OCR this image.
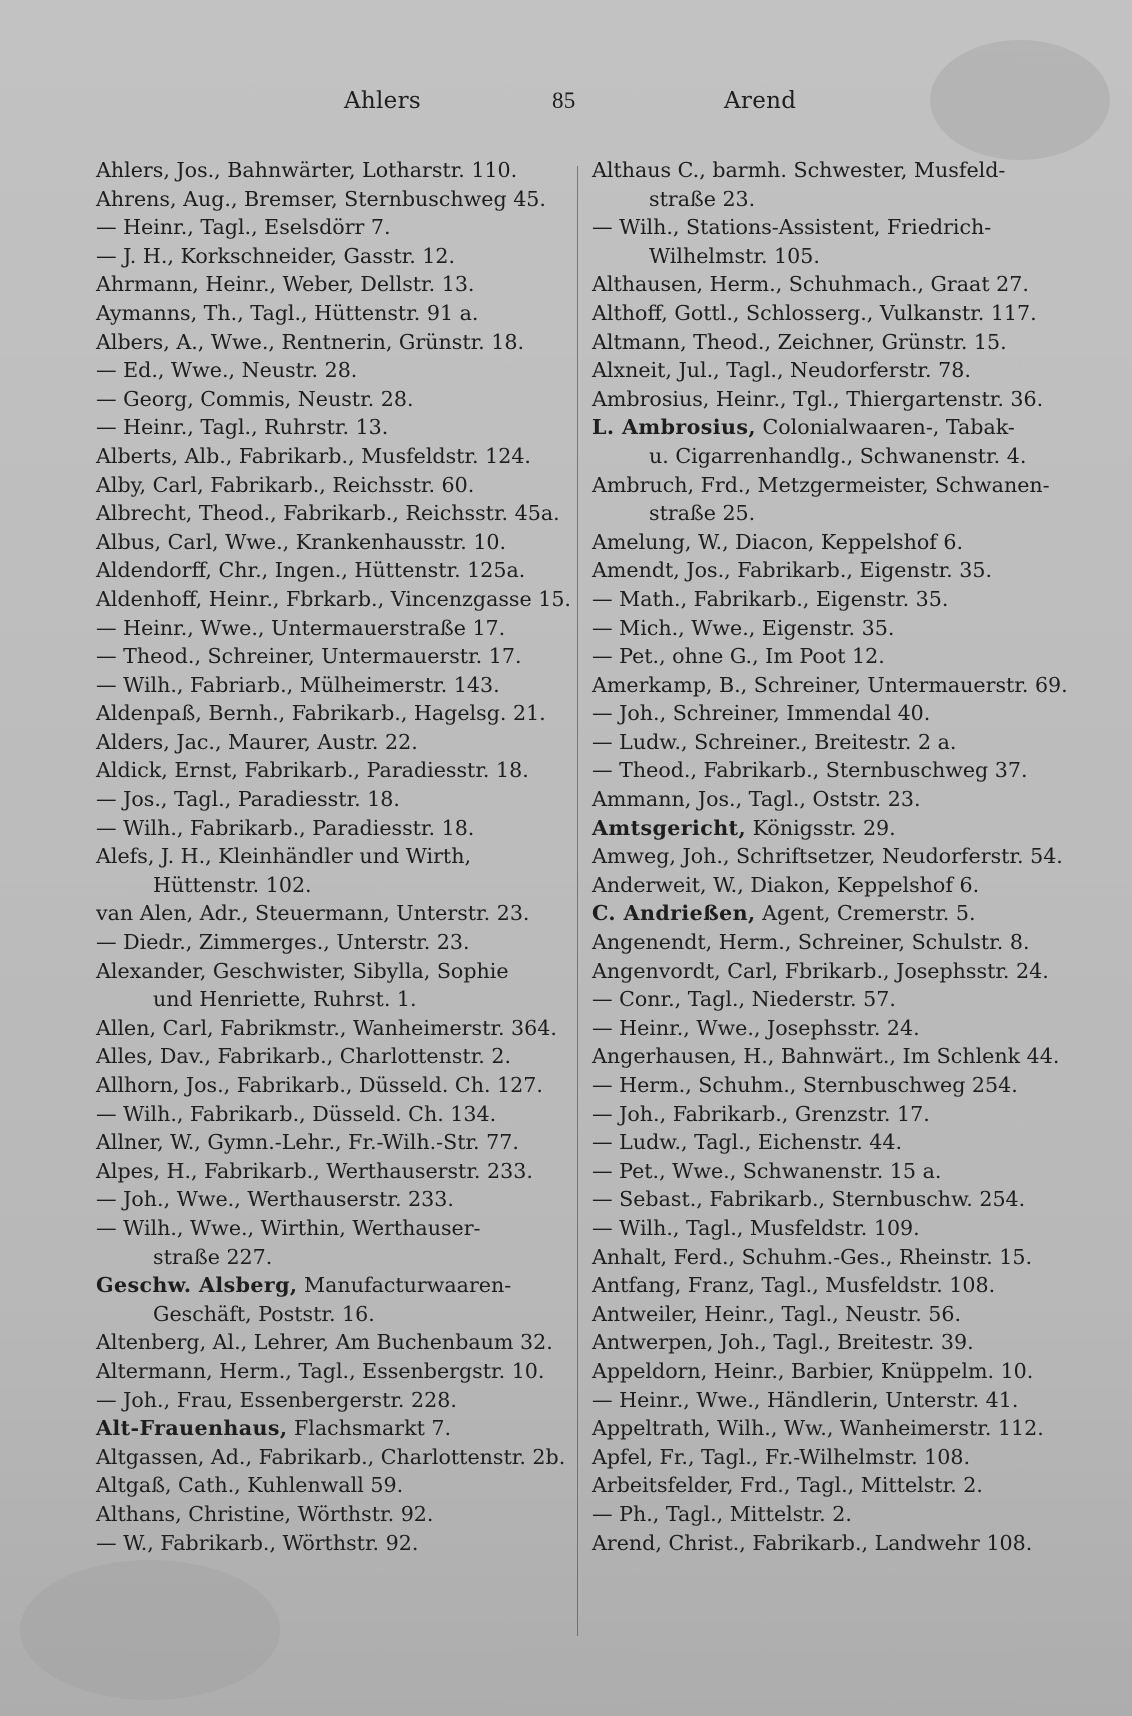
Ahlers	85	Arend
Ahlers, Jos., Bahnwärter, Lotharstr. 110.
Ahrens, Aug., Bremser, Sternbuschweg 45.
— Heinr., Tagl., Eselsdörr 7.
— J. H., Korkschneider, Gasstr. 12.
Ahrmann, Heinr., Weber, Dellstr. 13.
Aymanns, Th., Tagl., Hüttenstr. 91 a.
Albers, A., Wwe., Rentnerin, Grünstr. 18.
— Ed., Wwe., Neustr. 28.
— Georg, Commis, Neustr. 28.
— Heinr., Tagl., Ruhrstr. 13.
Alberts, Alb., Fabrikarb., Musfeldstr. 124.
Alby, Carl, Fabrikarb., Reichsstr. 60.
Albrecht, Theod., Fabrikarb., Reichsstr. 45a.
Albus, Carl, Wwe., Krankenhausstr. 10.
Aldendorff, Chr., Ingen., Hüttenstr. 125a.
Aldenhoff, Heinr., Fbrkarb., Vincenzgasse 15.
— Heinr., Wwe., Untermauerstraße 17.
— Theod., Schreiner, Untermauerstr. 17.
— Wilh., Fabriarb., Mülheimerstr. 143.
Aldenpaß, Bernh., Fabrikarb., Hagelsg. 21.
Alders, Jac., Maurer, Austr. 22.
Aldick, Ernst, Fabrikarb., Paradiesstr. 18.
— Jos., Tagl., Paradiesstr. 18.
— Wilh., Fabrikarb., Paradiesstr. 18.
Alefs, J. H., Kleinhändler und Wirth,
Hüttenstr. 102.
van Alen, Adr., Steuermann, Unterstr. 23.
— Diedr., Zimmerges., Unterstr. 23.
Alexander, Geschwister, Sibylla, Sophie
und Henriette, Ruhrst. 1.
Allen, Carl, Fabrikmstr., Wanheimerstr. 364.
Alles, Dav., Fabrikarb., Charlottenstr. 2.
Allhorn, Jos., Fabrikarb., Düsseld. Ch. 127.
— Wilh., Fabrikarb., Düsseld. Ch. 134.
Allner, W., Gymn.-Lehr., Fr.-Wilh.-Str. 77.
Alpes, H., Fabrikarb., Werthauserstr. 233.
— Joh., Wwe., Werthauserstr. 233.
— Wilh., Wwe., Wirthin, Werthauser-
straße 227.
Geschw. Alsberg, Manufacturwaaren-
Geschäft, Poststr. 16.
Altenberg, Al., Lehrer, Am Buchenbaum 32.
Altermann, Herm., Tagl., Essenbergstr. 10.
— Joh., Frau, Essenbergerstr. 228.
Alt-Frauenhaus, Flachsmarkt 7.
Altgassen, Ad., Fabrikarb., Charlottenstr. 2b.
Altgaß, Cath., Kuhlenwall 59.
Althans, Christine, Wörthstr. 92.
— W., Fabrikarb., Wörthstr. 92.
Althaus C., barmh. Schwester, Musfeld-
straße 23.
— Wilh., Stations-Assistent, Friedrich-
Wilhelmstr. 105.
Althausen, Herm., Schuhmach., Graat 27.
Althoff, Gottl., Schlosserg., Vulkanstr. 117.
Altmann, Theod., Zeichner, Grünstr. 15.
Alxneit, Jul., Tagl., Neudorferstr. 78.
Ambrosius, Heinr., Tgl., Thiergartenstr. 36.
L. Ambrosius, Colonialwaaren-, Tabak-
u. Cigarrenhandlg., Schwanenstr. 4.
Ambruch, Frd., Metzgermeister, Schwanen-
straße 25.
Amelung, W., Diacon, Keppelshof 6.
Amendt, Jos., Fabrikarb., Eigenstr. 35.
— Math., Fabrikarb., Eigenstr. 35.
— Mich., Wwe., Eigenstr. 35.
— Pet., ohne G., Im Poot 12.
Amerkamp, B., Schreiner, Untermauerstr. 69.
— Joh., Schreiner, Immendal 40.
— Ludw., Schreiner., Breitestr. 2 a.
— Theod., Fabrikarb., Sternbuschweg 37.
Ammann, Jos., Tagl., Oststr. 23.
Amtsgericht, Königsstr. 29.
Amweg, Joh., Schriftsetzer, Neudorferstr. 54.
Anderweit, W., Diakon, Keppelshof 6.
C. Andrießen, Agent, Cremerstr. 5.
Angenendt, Herm., Schreiner, Schulstr. 8.
Angenvordt, Carl, Fbrikarb., Josephsstr. 24.
— Conr., Tagl., Niederstr. 57.
— Heinr., Wwe., Josephsstr. 24.
Angerhausen, H., Bahnwärt., Im Schlenk 44.
— Herm., Schuhm., Sternbuschweg 254.
— Joh., Fabrikarb., Grenzstr. 17.
— Ludw., Tagl., Eichenstr. 44.
— Pet., Wwe., Schwanenstr. 15 a.
— Sebast., Fabrikarb., Sternbuschw. 254.
— Wilh., Tagl., Musfeldstr. 109.
Anhalt, Ferd., Schuhm.-Ges., Rheinstr. 15.
Antfang, Franz, Tagl., Musfeldstr. 108.
Antweiler, Heinr., Tagl., Neustr. 56.
Antwerpen, Joh., Tagl., Breitestr. 39.
Appeldorn, Heinr., Barbier, Knüppelm. 10.
— Heinr., Wwe., Händlerin, Unterstr. 41.
Appeltrath, Wilh., Ww., Wanheimerstr. 112.
Apfel, Fr., Tagl., Fr.-Wilhelmstr. 108.
Arbeitsfelder, Frd., Tagl., Mittelstr. 2.
— Ph., Tagl., Mittelstr. 2.
Arend, Christ., Fabrikarb., Landwehr 108.
